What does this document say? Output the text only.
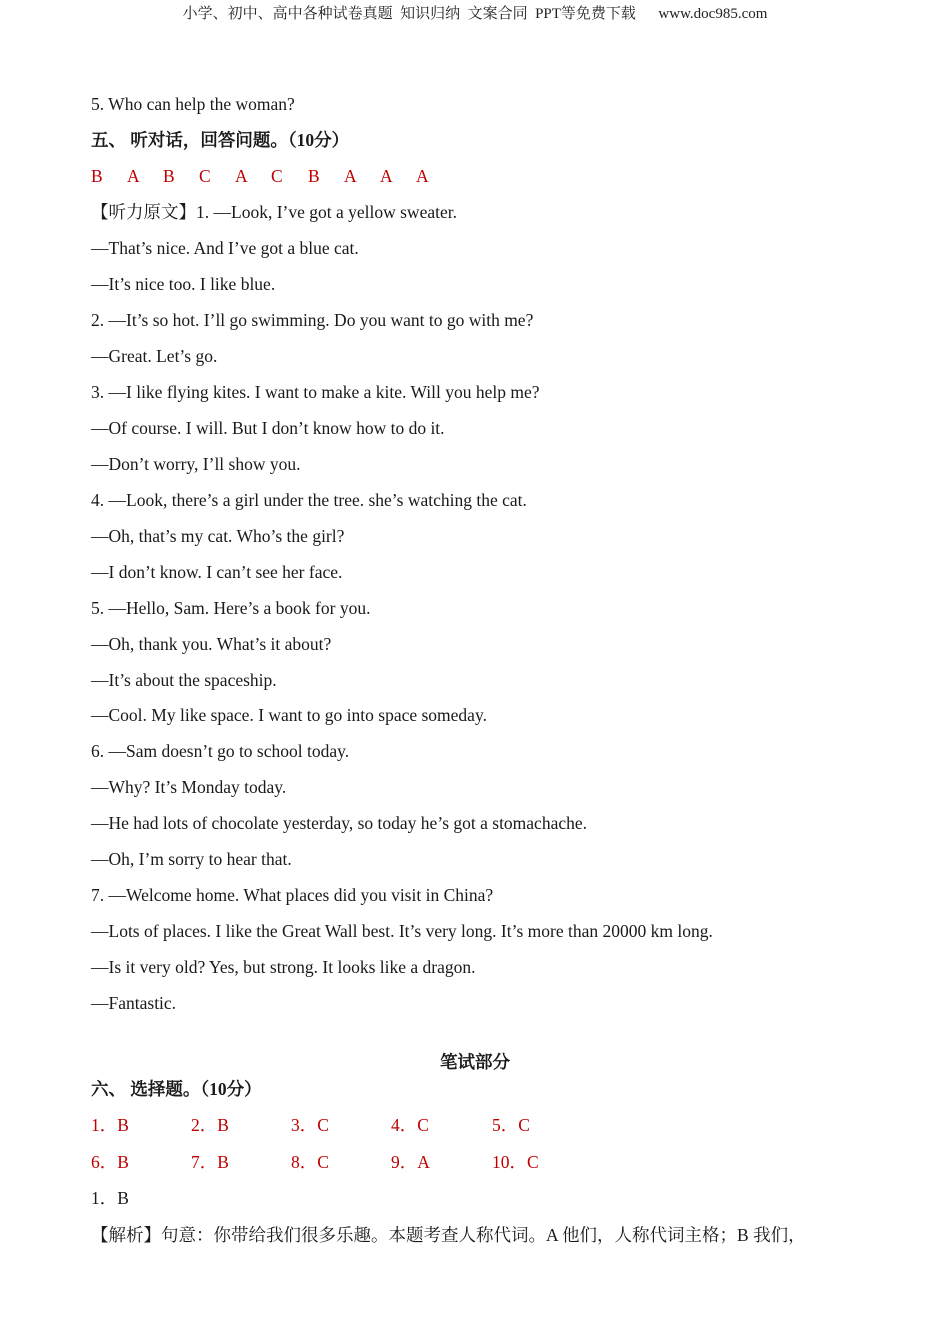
小学、初中、高中各种试卷真题  知识归纳  文案合同  PPT等免费下载      www.doc985.com
5. Who can help the woman?
五、 听对话，回答问题。（10分）
B A B C A C B A A A
【听力原文】1. —Look, I’ve got a yellow sweater.
—That’s nice. And I’ve got a blue cat.
—It’s nice too. I like blue.
2. —It’s so hot. I’ll go swimming. Do you want to go with me?
—Great. Let’s go.
3. —I like flying kites. I want to make a kite. Will you help me?
—Of course. I will. But I don’t know how to do it.
—Don’t worry, I’ll show you.
4. —Look, there’s a girl under the tree. she’s watching the cat.
—Oh, that’s my cat. Who’s the girl?
—I don’t know. I can’t see her face.
5. —Hello, Sam. Here’s a book for you.
—Oh, thank you. What’s it about?
—It’s about the spaceship.
—Cool. My like space. I want to go into space someday.
6. —Sam doesn’t go to school today.
—Why? It’s Monday today.
—He had lots of chocolate yesterday, so today he’s got a stomachache.
—Oh, I’m sorry to hear that.
7. —Welcome home. What places did you visit in China?
—Lots of places. I like the Great Wall best. It’s very long. It’s more than 20000 km long.
—Is it very old? Yes, but strong. It looks like a dragon.
—Fantastic.
笔试部分
六、 选择题。（10分）
1．B	2．B	3．C	4．C	5．C
6．B	7．B	8．C	9．A	10．C
1．B
【解析】句意：你带给我们很多乐趣。本题考查人称代词。A 他们，人称代词主格；B 我们，
